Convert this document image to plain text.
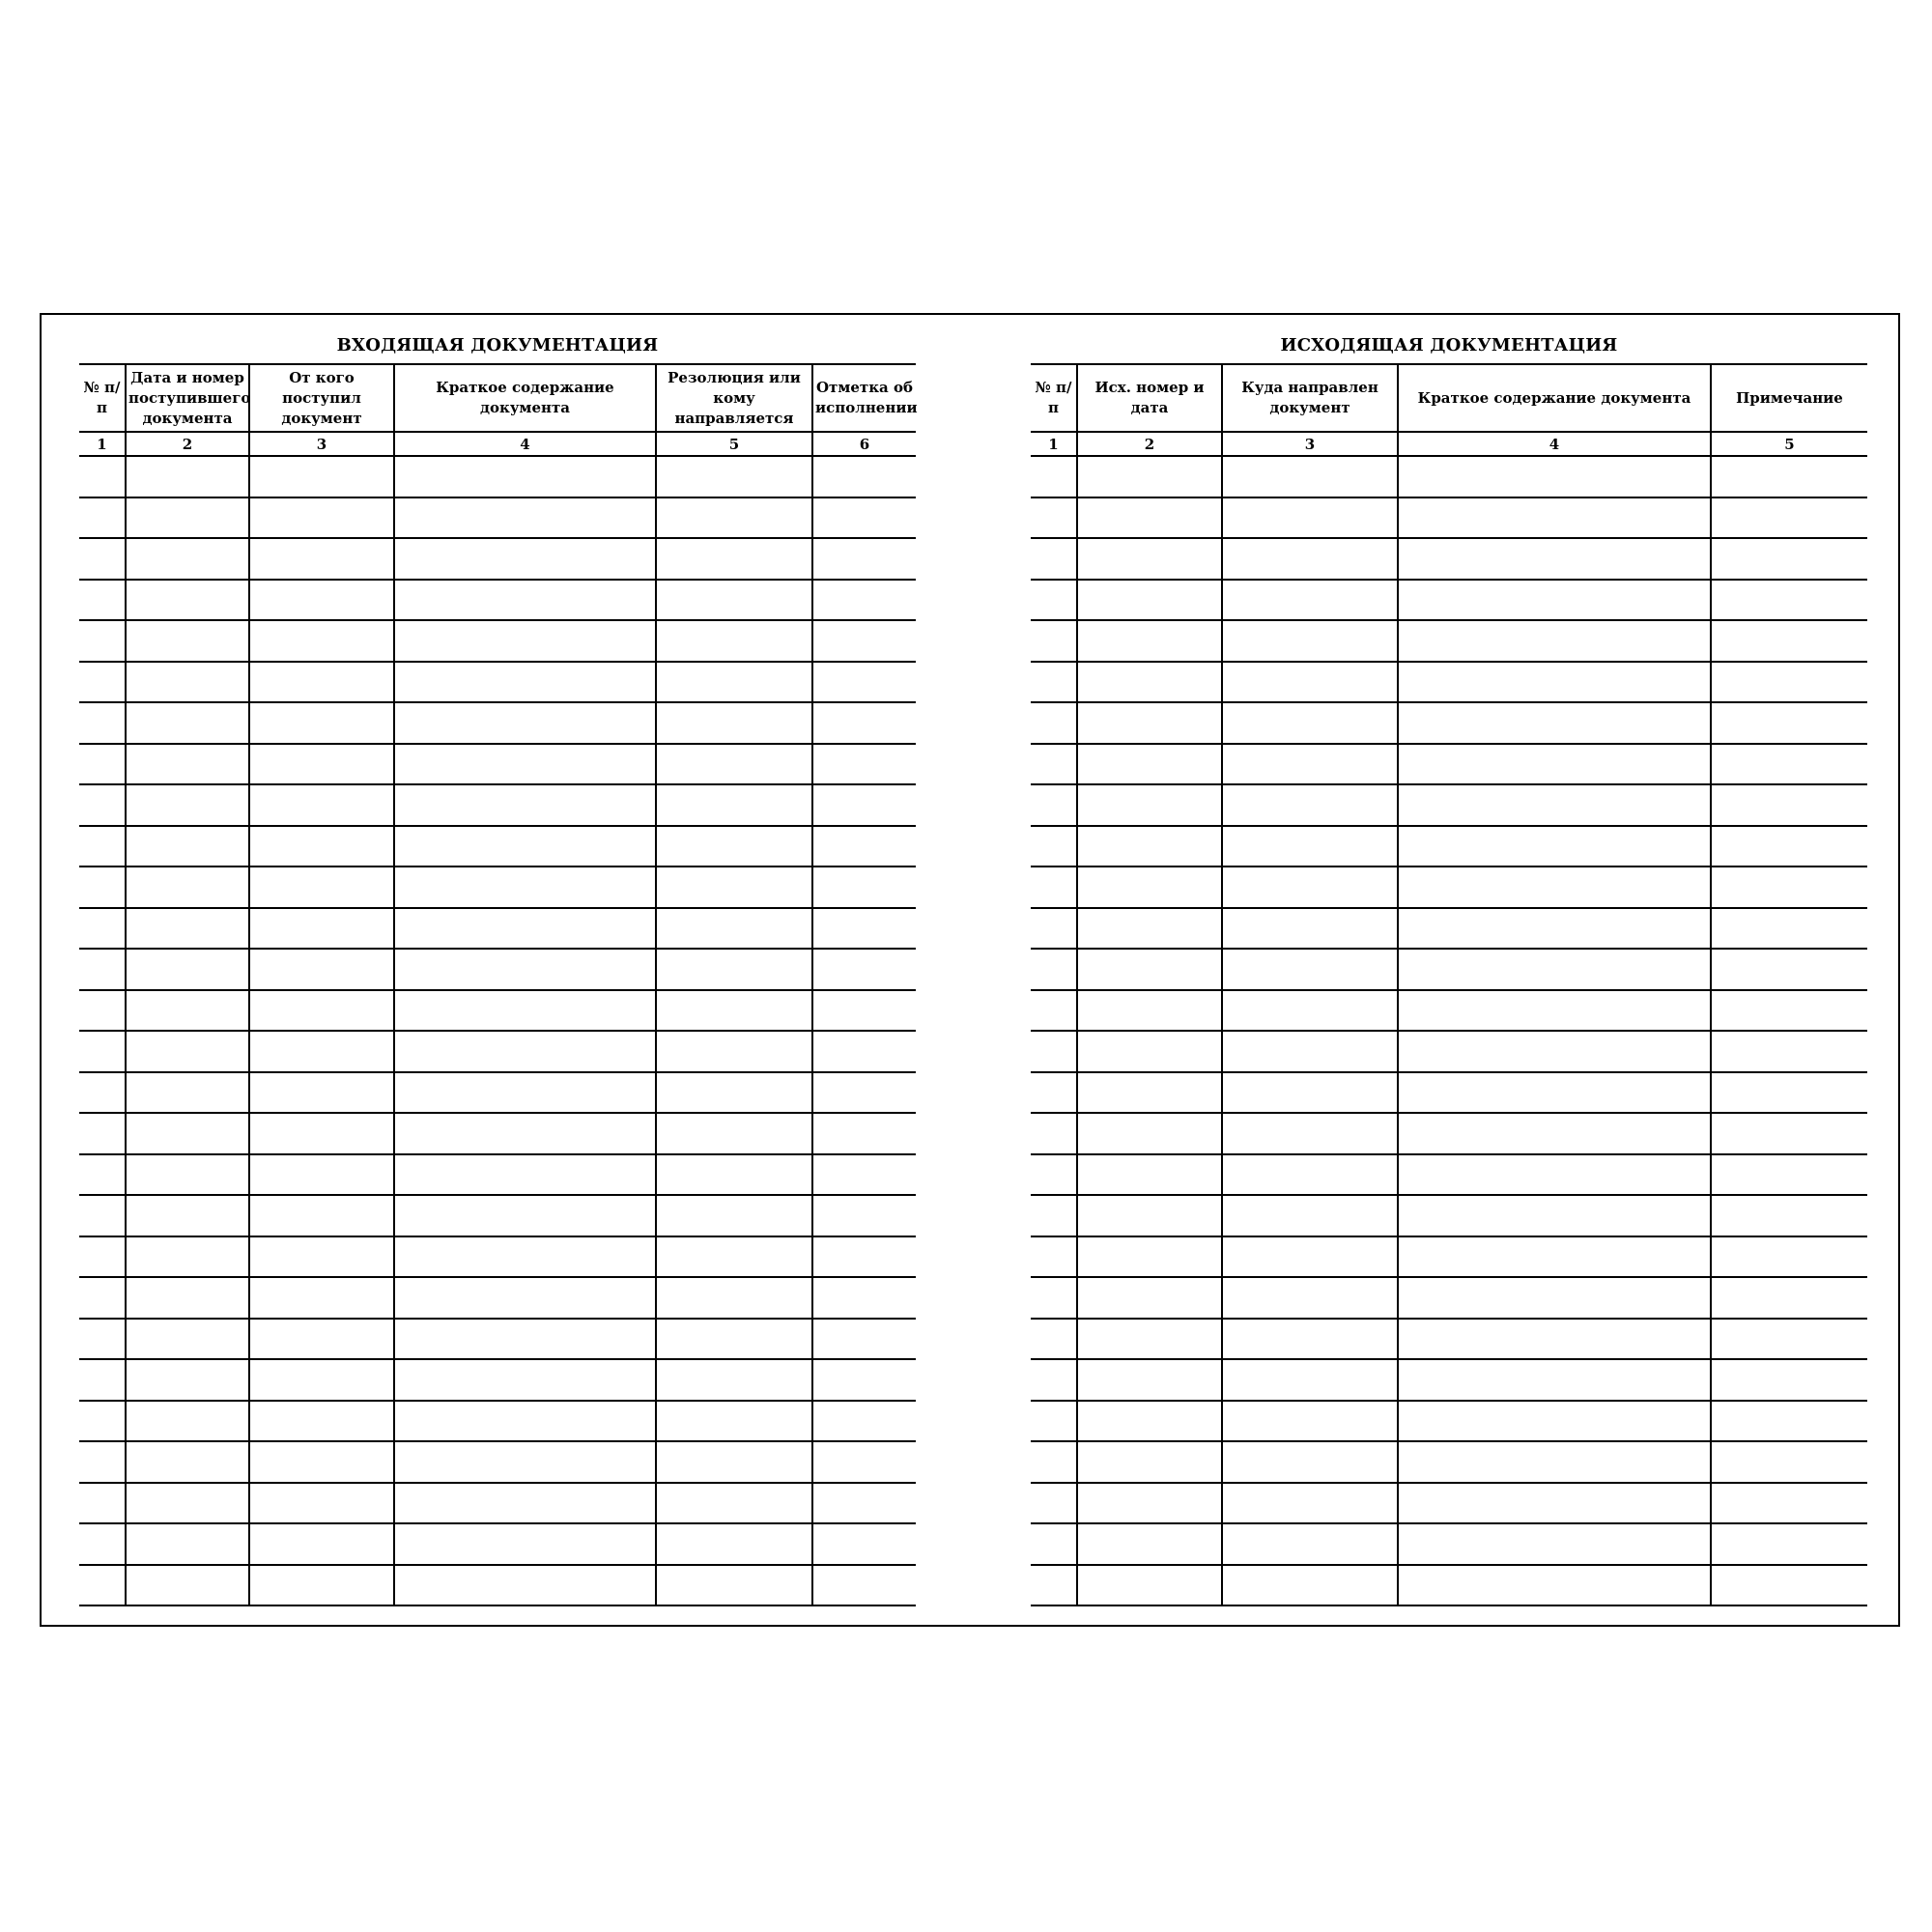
ВХОДЯЩАЯ ДОКУМЕНТАЦИЯ
№ п/п	Дата и номер поступившего документа	От кого поступил документ	Краткое содержание документа	Резолюция или кому направляется	Отметка об исполнении
1	2	3	4	5	6

ИСХОДЯЩАЯ ДОКУМЕНТАЦИЯ
№ п/п	Исх. номер и дата	Куда направлен документ	Краткое содержание документа	Примечание
1	2	3	4	5
